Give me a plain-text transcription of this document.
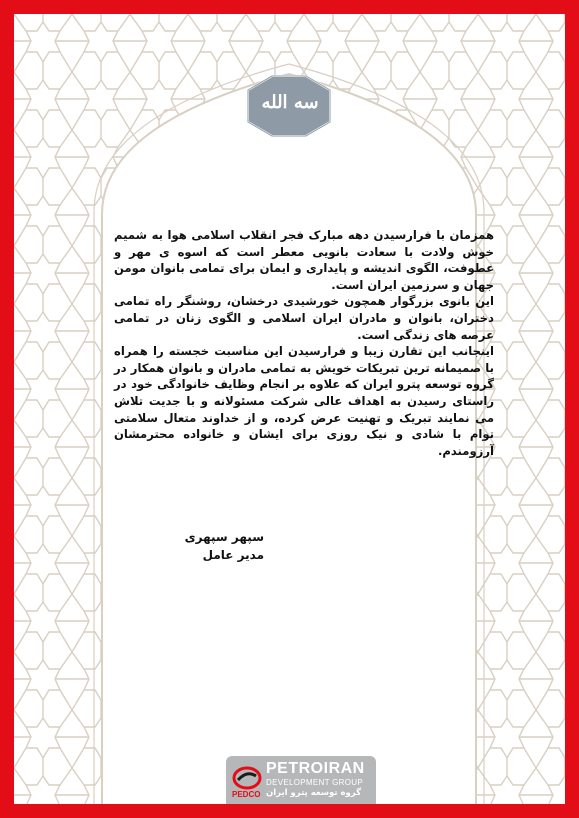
سه الله

همزمان با فرارسیدن دهه مبارک فجر انقلاب اسلامی هوا به شمیم خوش ولادت با سعادت بانویی معطر است که اسوه ی مهر و عطوفت، الگوی اندیشه و پایداری و ایمان برای تمامی بانوان مومن جهان و سرزمین ایران است.

این بانوی بزرگوار همچون خورشیدی درخشان، روشنگر راه تمامی دختران، بانوان و مادران ایران اسلامی و الگوی زنان در تمامی عرصه های زندگی است.

اینجانب این تقارن زیبا و فرارسیدن این مناسبت خجسته را همراه با صمیمانه ترین تبریکات خویش به تمامی مادران و بانوان همکار در گروه توسعه پترو ایران که علاوه بر انجام وظایف خانوادگی خود در راستای رسیدن به اهداف عالی شرکت مسئولانه و با جدیت تلاش می نمایند تبریک و تهنیت عرض کرده، و از خداوند متعال سلامتی توام با شادی و نیک روزی برای ایشان و خانواده محترمشان آرزومندم.

سپهر سپهری
مدیر عامل
PETROIRAN
DEVELOPMENT GROUP
PEDCO گروه توسعه پترو ایران
